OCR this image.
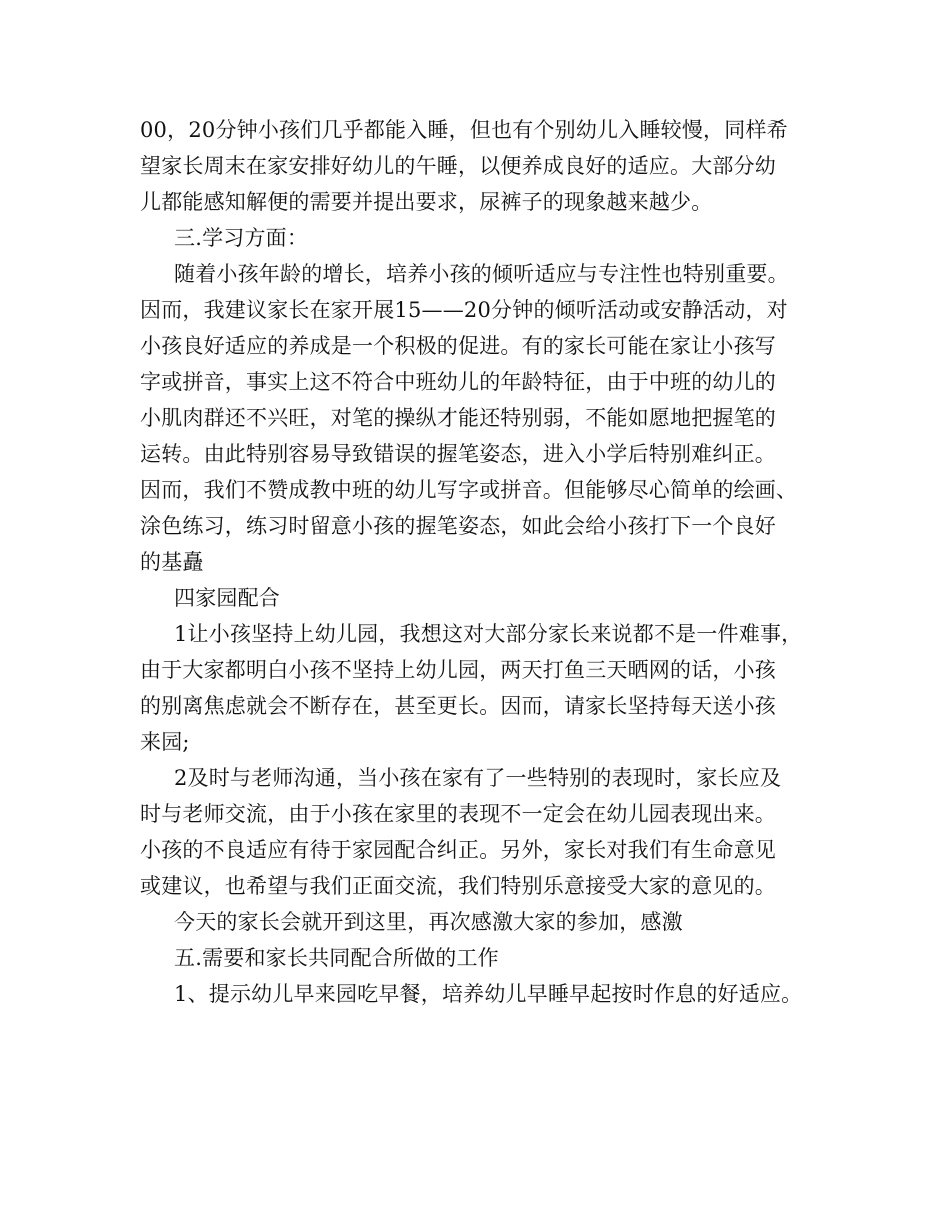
00，20分钟小孩们几乎都能入睡，但也有个别幼儿入睡较慢，同样希

望家长周末在家安排好幼儿的午睡，以便养成良好的适应。大部分幼

儿都能感知解便的需要并提出要求，尿裤子的现象越来越少。

三.学习方面：

随着小孩年龄的增长，培养小孩的倾听适应与专注性也特别重要。

因而，我建议家长在家开展15——20分钟的倾听活动或安静活动，对

小孩良好适应的养成是一个积极的促进。有的家长可能在家让小孩写

字或拼音，事实上这不符合中班幼儿的年龄特征，由于中班的幼儿的

小肌肉群还不兴旺，对笔的操纵才能还特别弱，不能如愿地把握笔的

运转。由此特别容易导致错误的握笔姿态，进入小学后特别难纠正。

因而，我们不赞成教中班的幼儿写字或拼音。但能够尽心简单的绘画、

涂色练习，练习时留意小孩的握笔姿态，如此会给小孩打下一个良好

的基矗

四家园配合

1让小孩坚持上幼儿园，我想这对大部分家长来说都不是一件难事，

由于大家都明白小孩不坚持上幼儿园，两天打鱼三天晒网的话，小孩

的别离焦虑就会不断存在，甚至更长。因而，请家长坚持每天送小孩

来园;

2及时与老师沟通，当小孩在家有了一些特别的表现时，家长应及

时与老师交流，由于小孩在家里的表现不一定会在幼儿园表现出来。

小孩的不良适应有待于家园配合纠正。另外，家长对我们有生命意见

或建议，也希望与我们正面交流，我们特别乐意接受大家的意见的。

今天的家长会就开到这里，再次感激大家的参加，感激

五.需要和家长共同配合所做的工作

1、提示幼儿早来园吃早餐，培养幼儿早睡早起按时作息的好适应。
